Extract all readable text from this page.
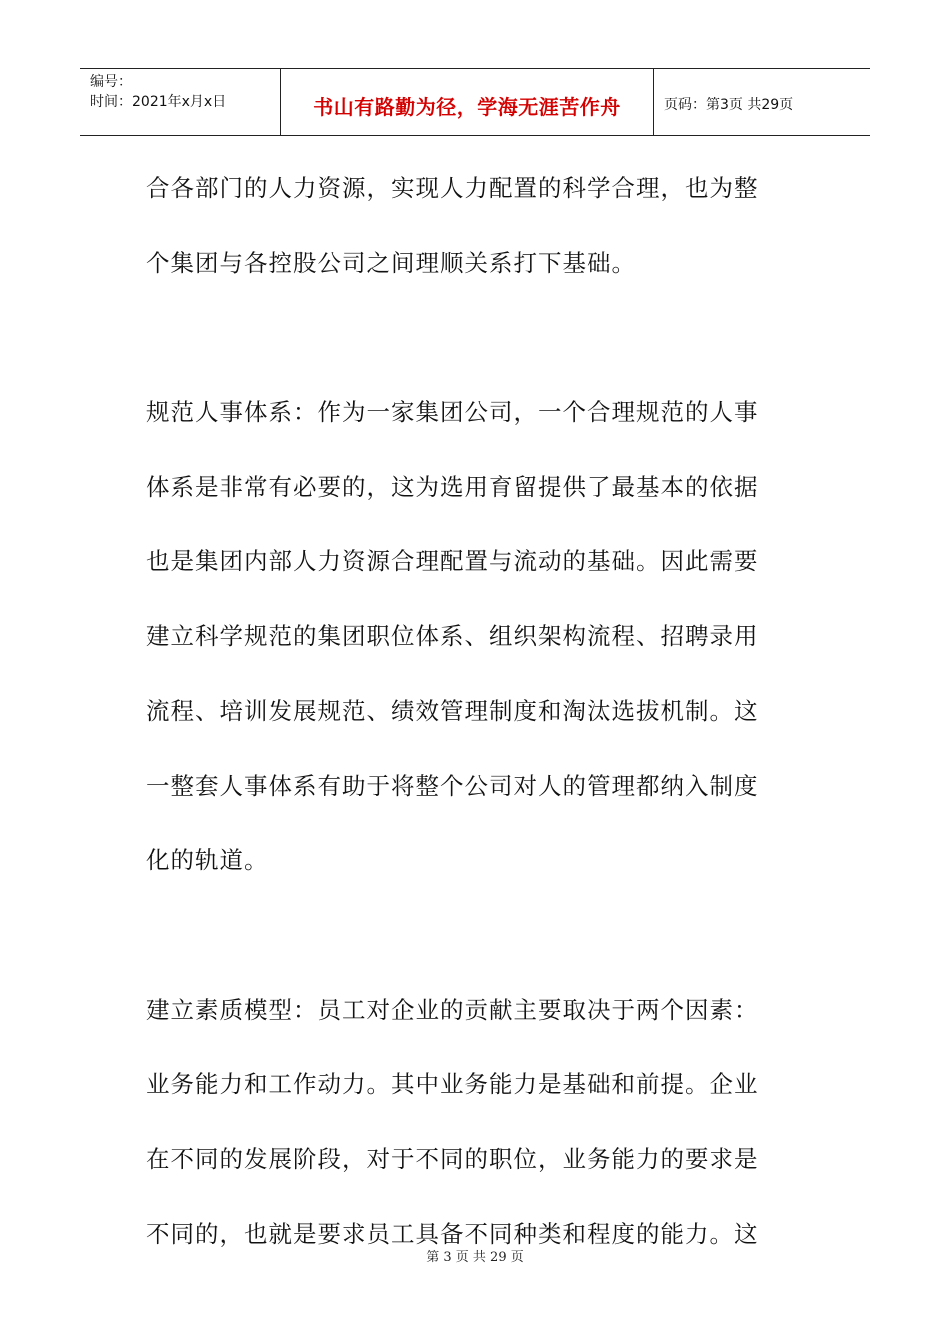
编号：
时间：2021年x月x日	书山有路勤为径，学海无涯苦作舟	页码：第3页 共29页
合各部门的人力资源，实现人力配置的科学合理，也为整
个集团与各控股公司之间理顺关系打下基础。
规范人事体系：作为一家集团公司，一个合理规范的人事
体系是非常有必要的，这为选用育留提供了最基本的依据
也是集团内部人力资源合理配置与流动的基础。因此需要
建立科学规范的集团职位体系、组织架构流程、招聘录用
流程、培训发展规范、绩效管理制度和淘汰选拔机制。这
一整套人事体系有助于将整个公司对人的管理都纳入制度
化的轨道。
建立素质模型：员工对企业的贡献主要取决于两个因素：
业务能力和工作动力。其中业务能力是基础和前提。企业
在不同的发展阶段，对于不同的职位，业务能力的要求是
不同的，也就是要求员工具备不同种类和程度的能力。这
第 3 页 共 29 页
